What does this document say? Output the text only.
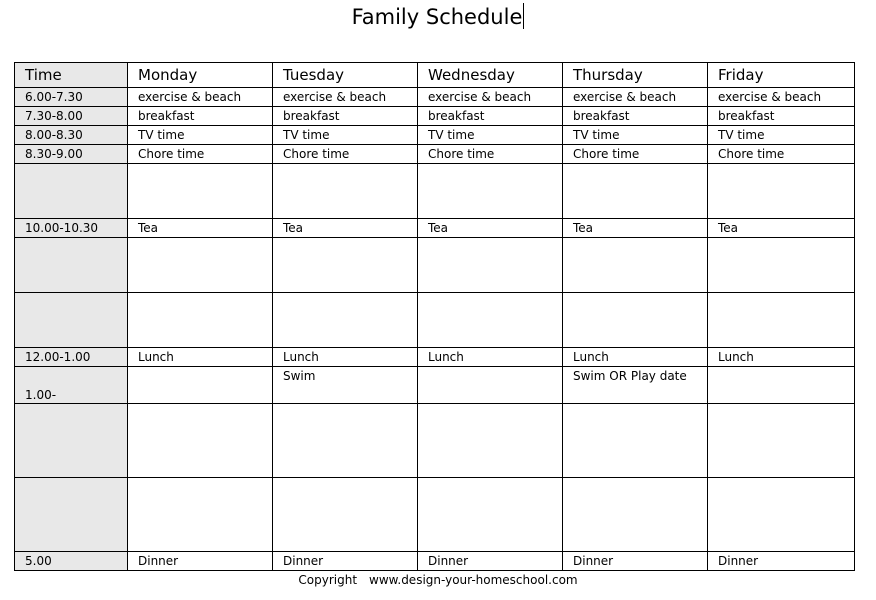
Family Schedule
Time	Monday	Tuesday	Wednesday	Thursday	Friday
6.00-7.30	exercise & beach	exercise & beach	exercise & beach	exercise & beach	exercise & beach
7.30-8.00	breakfast	breakfast	breakfast	breakfast	breakfast
8.00-8.30	TV time	TV time	TV time	TV time	TV time
8.30-9.00	Chore time	Chore time	Chore time	Chore time	Chore time

10.00-10.30	Tea	Tea	Tea	Tea	Tea

12.00-1.00	Lunch	Lunch	Lunch	Lunch	Lunch
1.00-		Swim		Swim OR Play date	

5.00	Dinner	Dinner	Dinner	Dinner	Dinner
Copyright www.design-your-homeschool.com
